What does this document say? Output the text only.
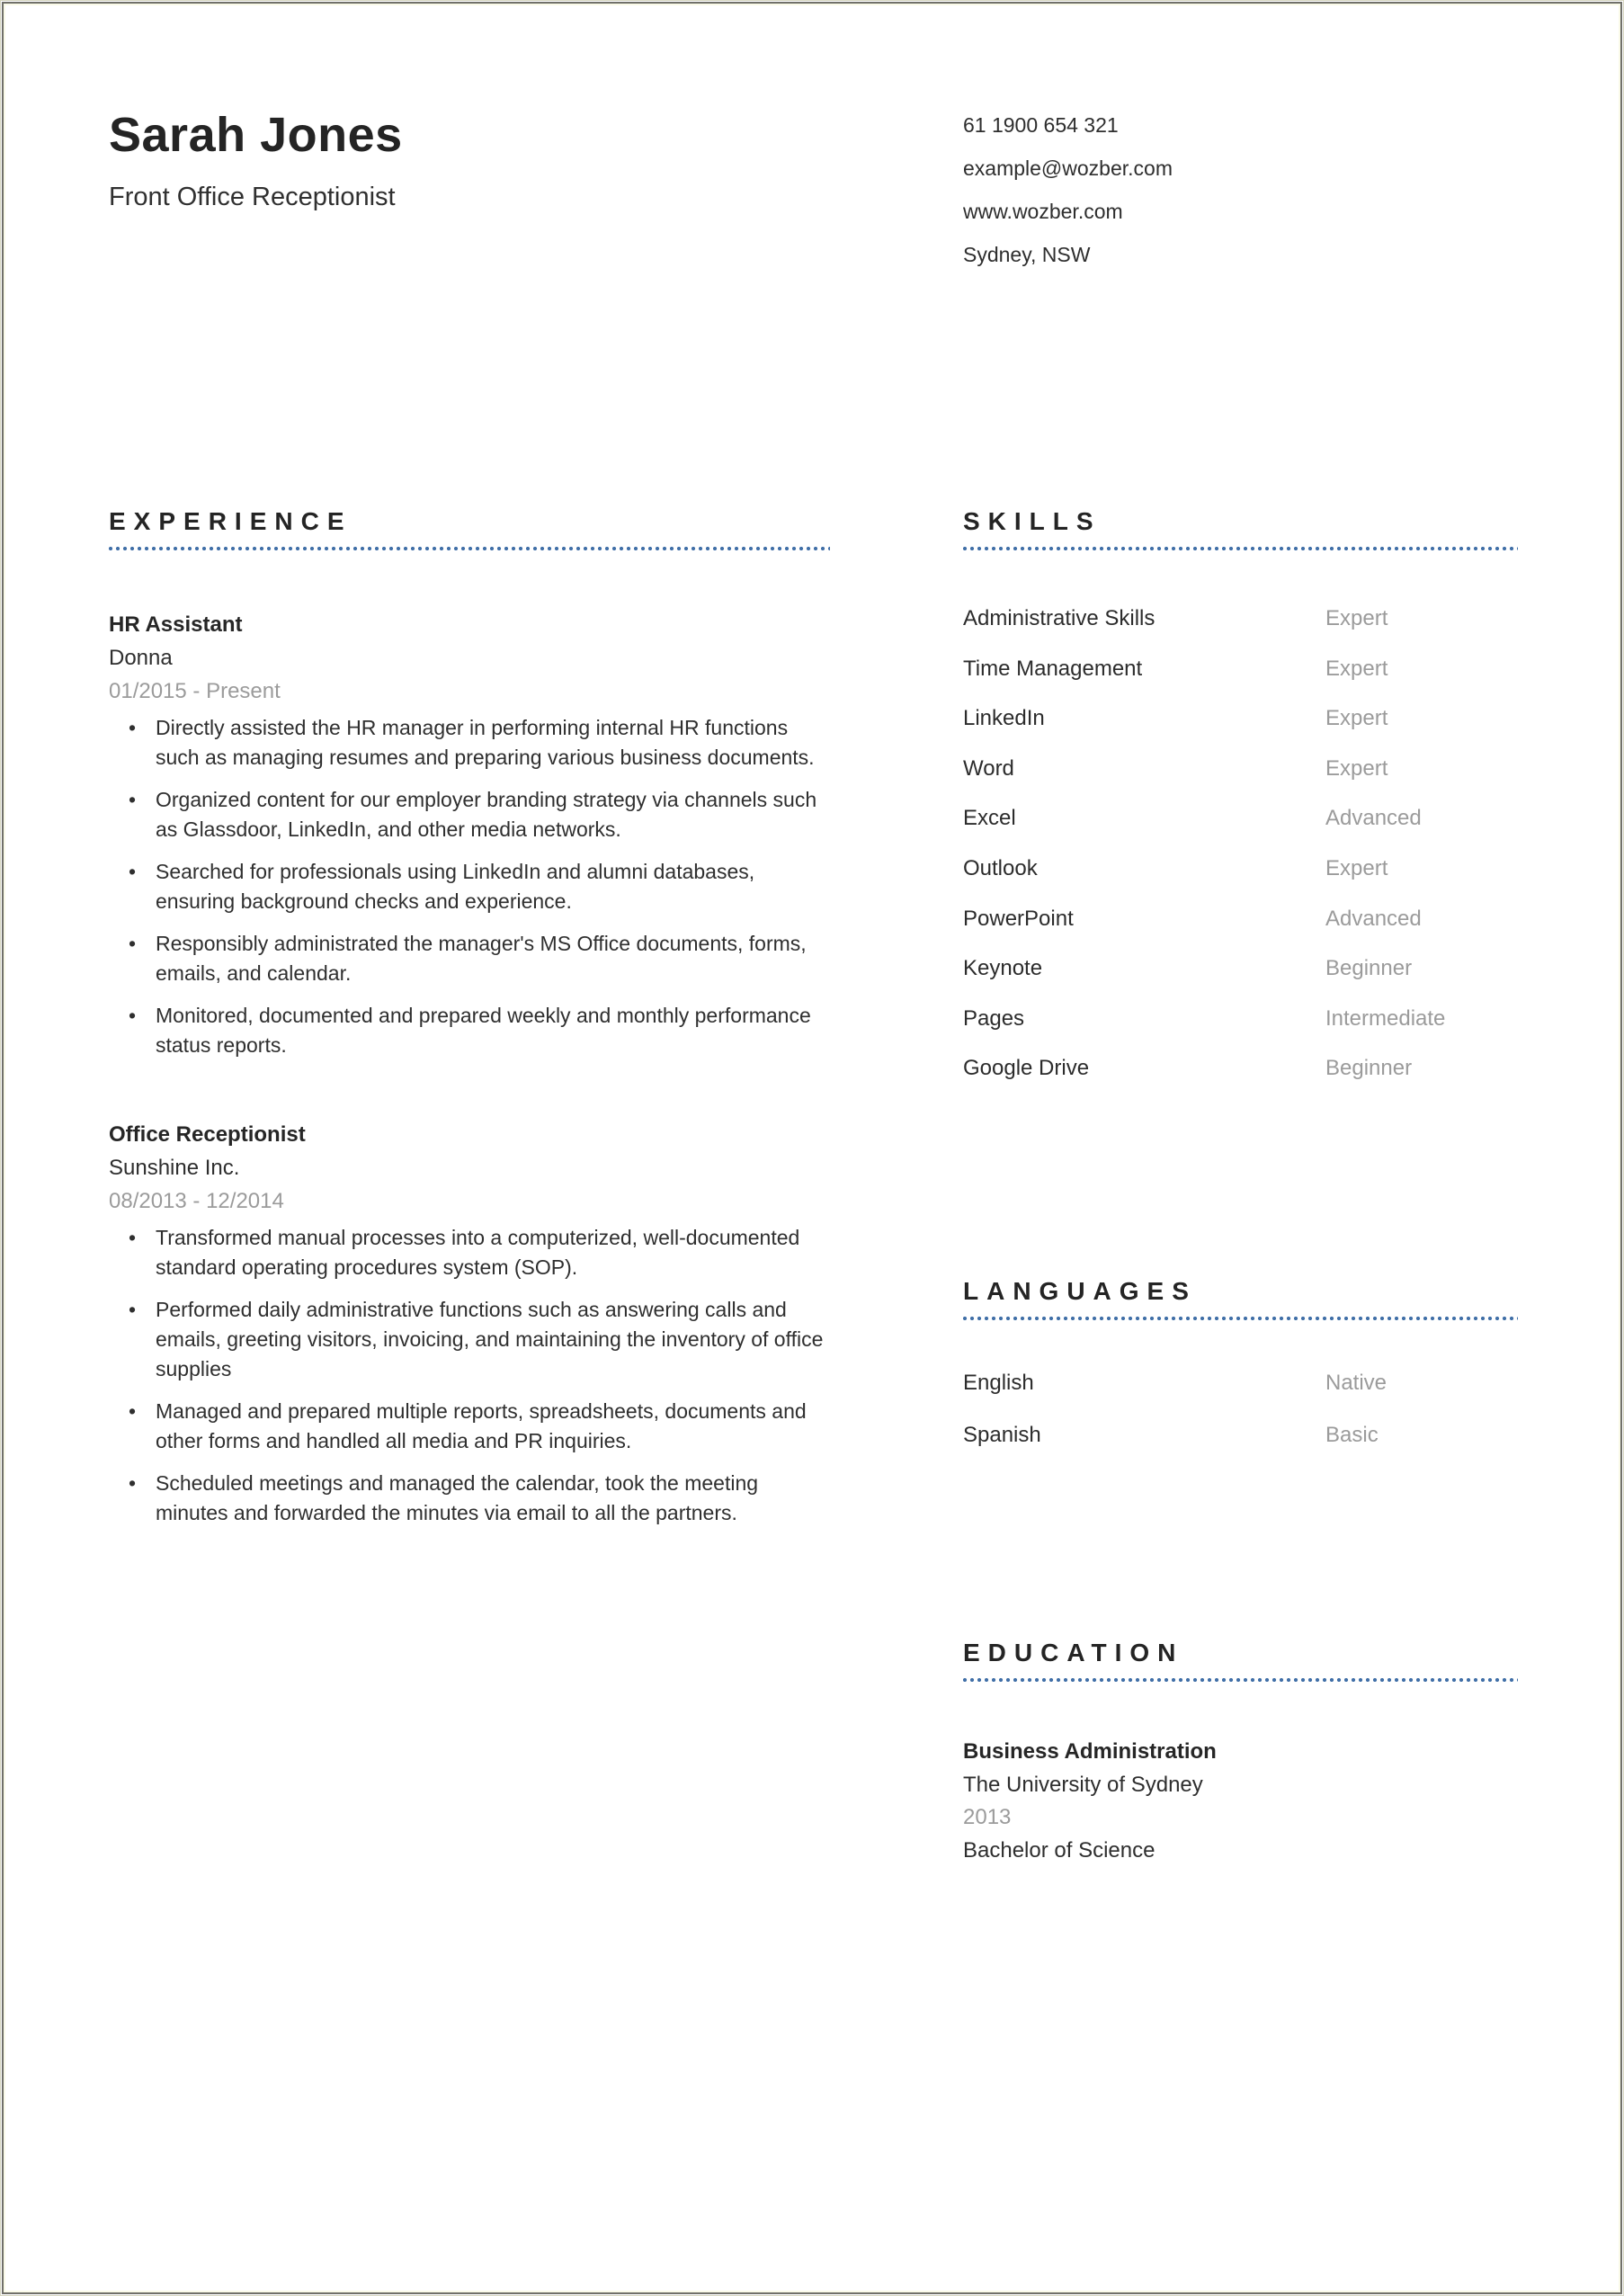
Sarah Jones
Front Office Receptionist
61 1900 654 321
example@wozber.com
www.wozber.com
Sydney, NSW
EXPERIENCE
HR Assistant
Donna
01/2015 - Present
• Directly assisted the HR manager in performing internal HR functions such as managing resumes and preparing various business documents.
• Organized content for our employer branding strategy via channels such as Glassdoor, LinkedIn, and other media networks.
• Searched for professionals using LinkedIn and alumni databases, ensuring background checks and experience.
• Responsibly administrated the manager's MS Office documents, forms, emails, and calendar.
• Monitored, documented and prepared weekly and monthly performance status reports.
Office Receptionist
Sunshine Inc.
08/2013 - 12/2014
• Transformed manual processes into a computerized, well-documented standard operating procedures system (SOP).
• Performed daily administrative functions such as answering calls and emails, greeting visitors, invoicing, and maintaining the inventory of office supplies
• Managed and prepared multiple reports, spreadsheets, documents and other forms and handled all media and PR inquiries.
• Scheduled meetings and managed the calendar, took the meeting minutes and forwarded the minutes via email to all the partners.
SKILLS
Administrative Skills	Expert
Time Management	Expert
LinkedIn	Expert
Word	Expert
Excel	Advanced
Outlook	Expert
PowerPoint	Advanced
Keynote	Beginner
Pages	Intermediate
Google Drive	Beginner
LANGUAGES
English	Native
Spanish	Basic
EDUCATION
Business Administration
The University of Sydney
2013
Bachelor of Science
